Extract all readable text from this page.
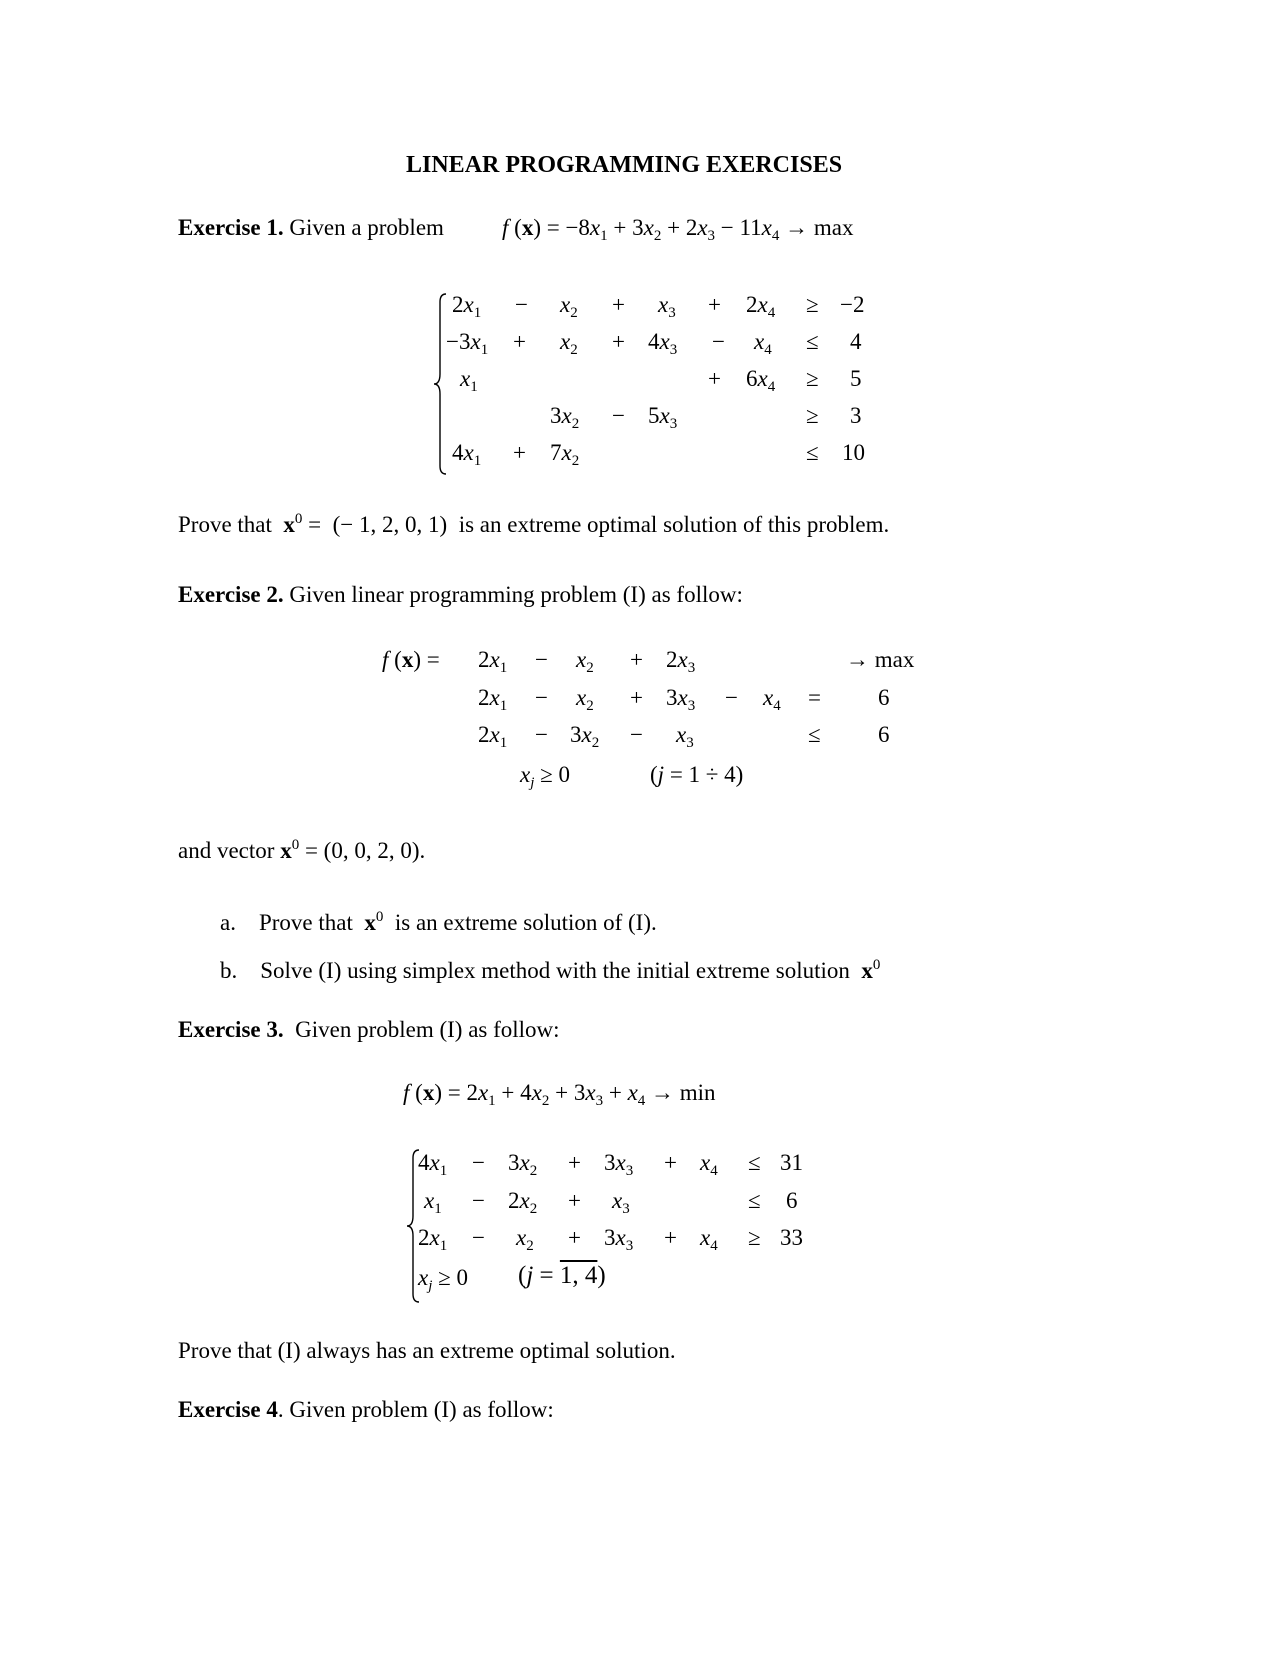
LINEAR PROGRAMMING EXERCISES
Exercise 1. Given a problem	f $(x) = -8x_1 + 3x_2 + 2x_3 - 11x_4 \to \max$
$2x_1 - x_2 + x_3 + 2x_4 \ge -2$
$-3x_1 + x_2 + 4x_3 - x_4 \le 4$
$x_1$	+ $6x_4 \ge 5$
$3x_2 - 5x_3$	≥ 3
$4x_1 + 7x_2$	≤ 10
Prove that $x^0$ =  (− 1, 2, 0, 1) is an extreme optimal solution of this problem.
Exercise 2. Given linear programming problem (I) as follow:
f $(x) = 2x_1 - x_2 + 2x_3$	→ max
$2x_1 - x_2 + 3x_3 - x_4 = 6$
$2x_1 - 3x_2 - x_3$	≤ 6
$x_j \ge 0$	(j = 1 ÷ 4)
and vector $x^0 = (0$, 0, 2, 0).
a. Prove that $x^0$ is an extreme solution of (I).
b. Solve (I) using simplex method with the initial extreme solution $x^0$
Exercise 3. Given problem (I) as follow:
f $(x) = 2x_1 + 4x_2 + 3x_3 + x_4 \to \min$
$4x_1 - 3x_2 + 3x_3 + x_4 \le 31$
$x_1 - 2x_2 + x_3$	≤ 6
$2x_1 - x_2 + 3x_3 + x_4 \ge 33$
$x_j \ge 0$ (j = 1, 4)
Prove that (I) always has an extreme optimal solution.
Exercise 4. Given problem (I) as follow:
